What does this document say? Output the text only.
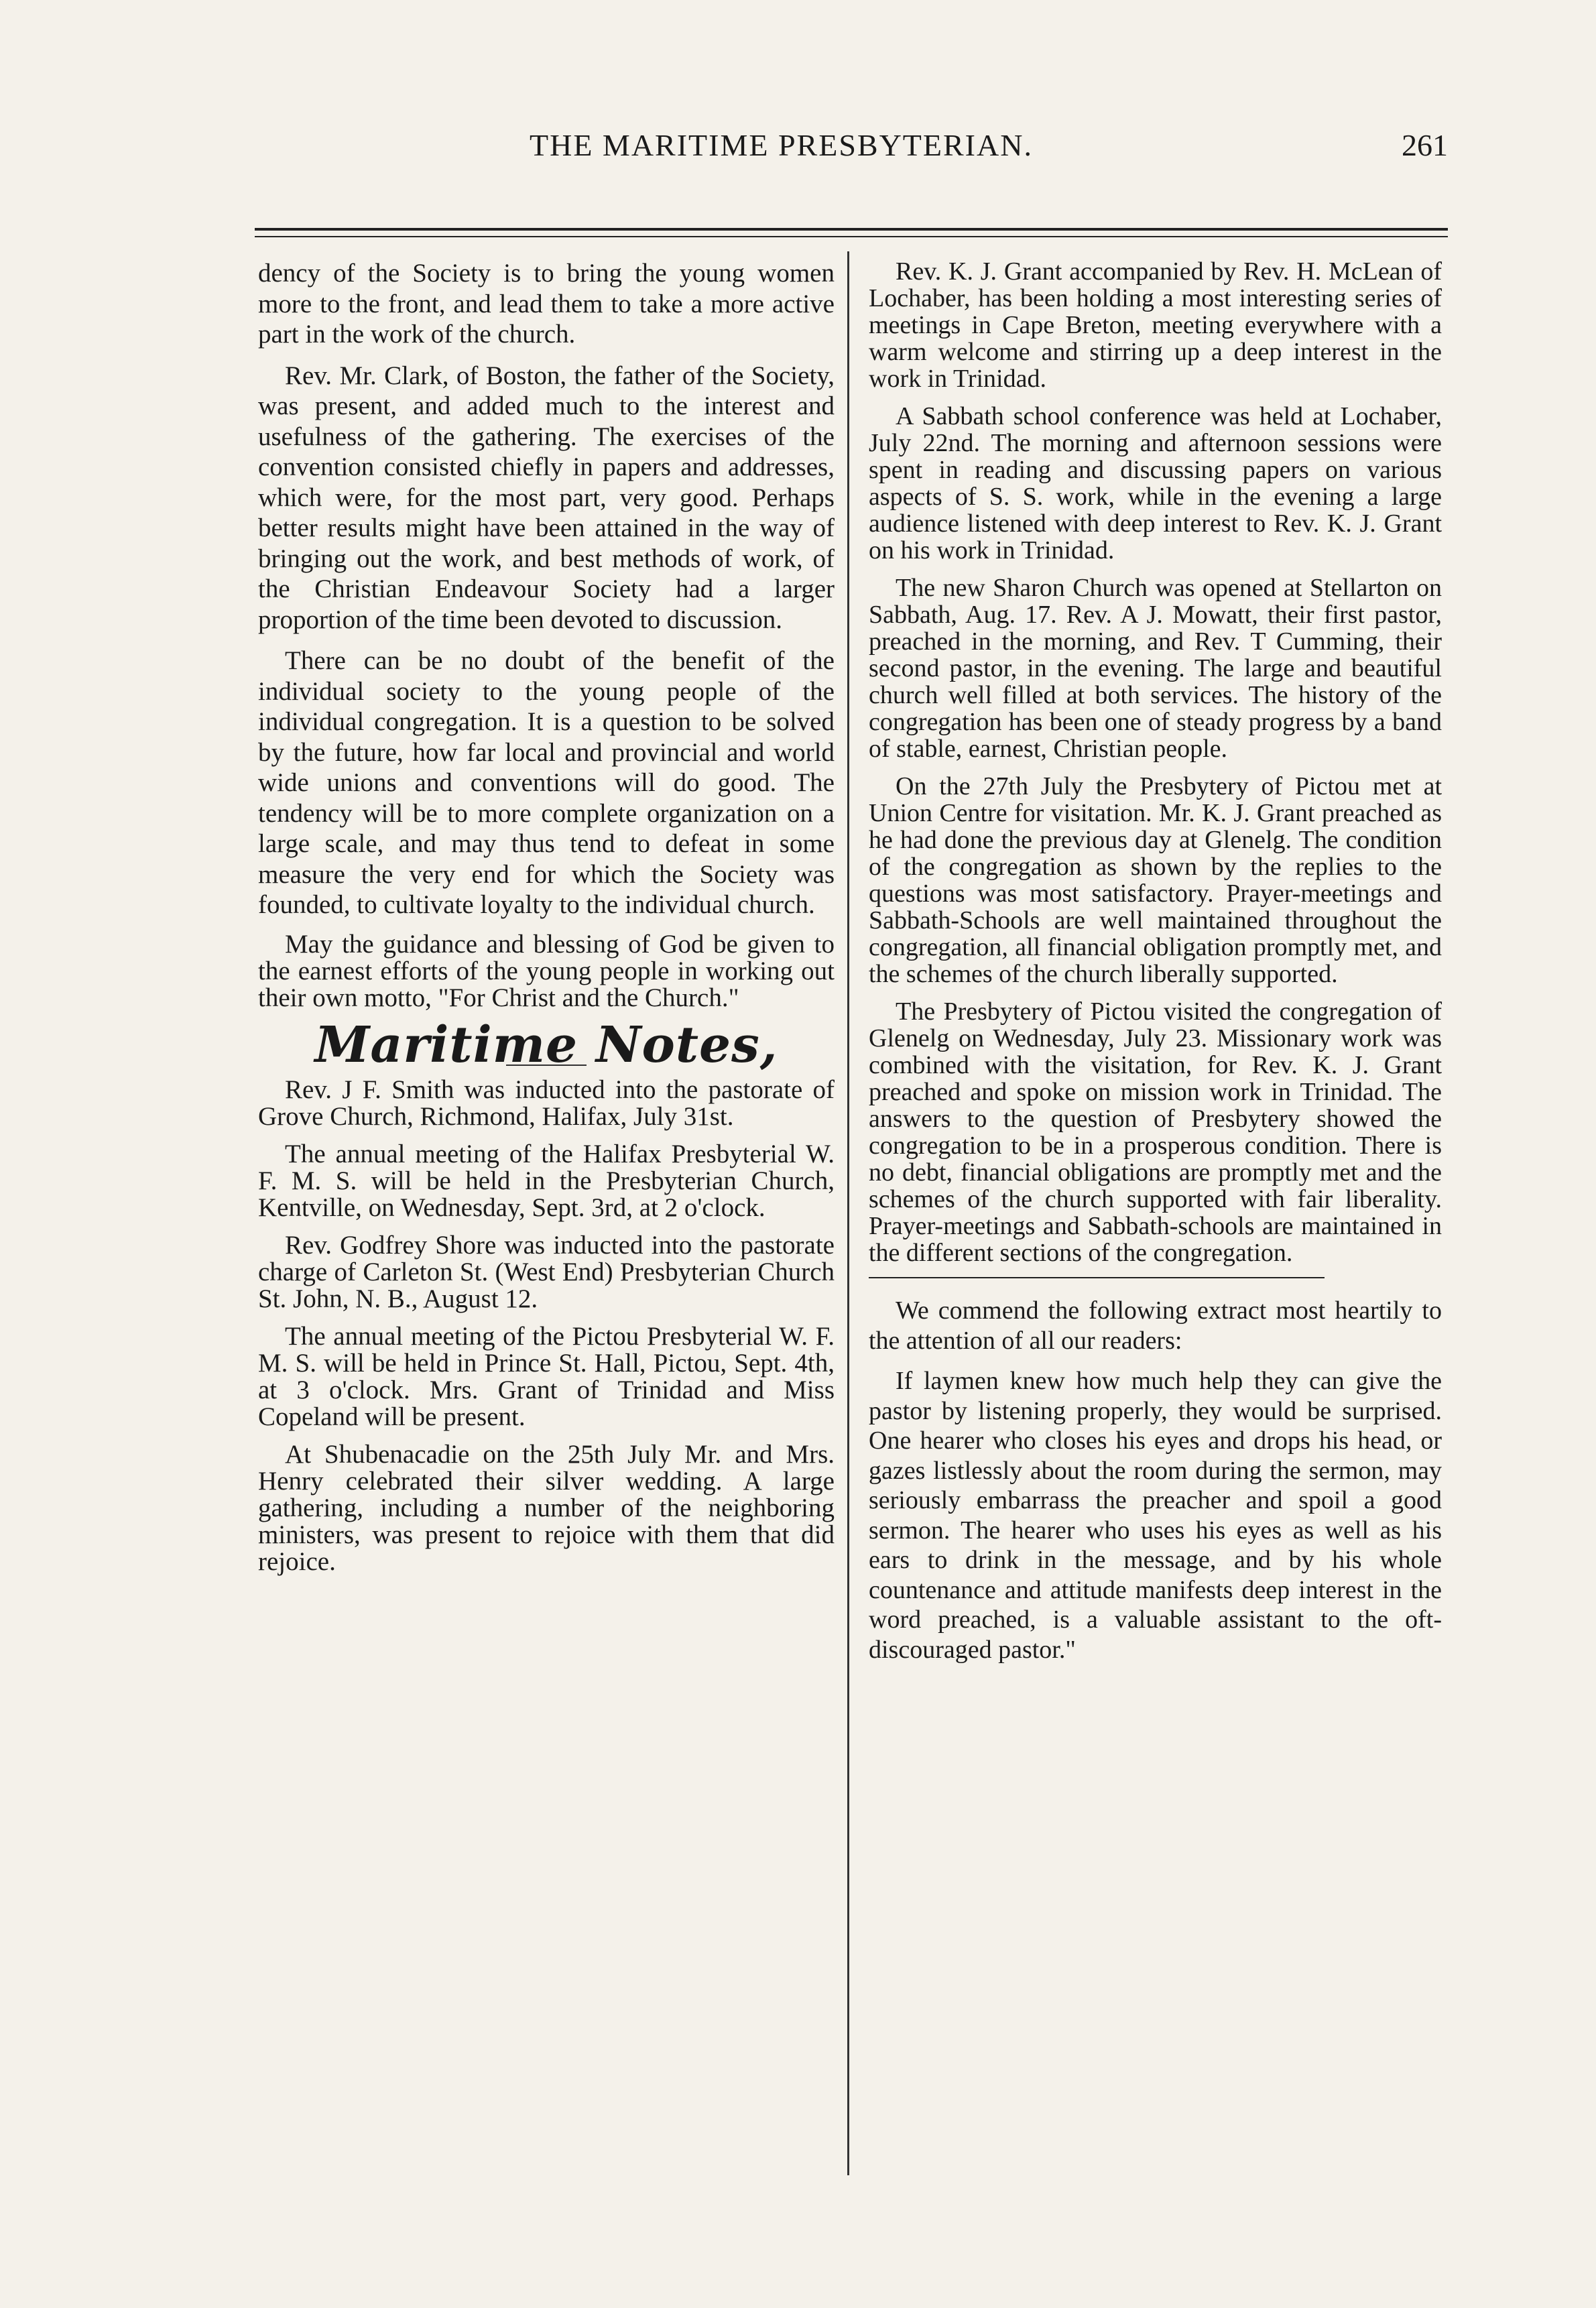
THE MARITIME PRESBYTERIAN.	261

dency of the Society is to bring the young women more to the front, and lead them to take a more active part in the work of the church.

Rev. Mr. Clark, of Boston, the father of the Society, was present, and added much to the interest and usefulness of the gathering. The exercises of the convention consisted chiefly in papers and addresses, which were, for the most part, very good. Perhaps better results might have been attained in the way of bringing out the work, and best methods of work, of the Christian Endeavour Society had a larger proportion of the time been devoted to discussion.

There can be no doubt of the benefit of the individual society to the young people of the individual congregation. It is a question to be solved by the future, how far local and provincial and world wide unions and conventions will do good. The tendency will be to more complete organization on a large scale, and may thus tend to defeat in some measure the very end for which the Society was founded, to cultivate loyalty to the individual church.

May the guidance and blessing of God be given to the earnest efforts of the young people in working out their own motto, "For Christ and the Church."

Maritime Notes,

Rev. J F. Smith was inducted into the pastorate of Grove Church, Richmond, Halifax, July 31st.

The annual meeting of the Halifax Presbyterial W. F. M. S. will be held in the Presbyterian Church, Kentville, on Wednesday, Sept. 3rd, at 2 o'clock.

Rev. Godfrey Shore was inducted into the pastorate charge of Carleton St. (West End) Presbyterian Church St. John, N. B., August 12.

The annual meeting of the Pictou Presbyterial W. F. M. S. will be held in Prince St. Hall, Pictou, Sept. 4th, at 3 o'clock. Mrs. Grant of Trinidad and Miss Copeland will be present.

At Shubenacadie on the 25th July Mr. and Mrs. Henry celebrated their silver wedding. A large gathering, including a number of the neighboring ministers, was present to rejoice with them that did rejoice.

Rev. K. J. Grant accompanied by Rev. H. McLean of Lochaber, has been holding a most interesting series of meetings in Cape Breton, meeting everywhere with a warm welcome and stirring up a deep interest in the work in Trinidad.

A Sabbath school conference was held at Lochaber, July 22nd. The morning and afternoon sessions were spent in reading and discussing papers on various aspects of S. S. work, while in the evening a large audience listened with deep interest to Rev. K. J. Grant on his work in Trinidad.

The new Sharon Church was opened at Stellarton on Sabbath, Aug. 17. Rev. A J. Mowatt, their first pastor, preached in the morning, and Rev. T Cumming, their second pastor, in the evening. The large and beautiful church well filled at both services. The history of the congregation has been one of steady progress by a band of stable, earnest, Christian people.

On the 27th July the Presbytery of Pictou met at Union Centre for visitation. Mr. K. J. Grant preached as he had done the previous day at Glenelg. The condition of the congregation as shown by the replies to the questions was most satisfactory. Prayer-meetings and Sabbath-Schools are well maintained throughout the congregation, all financial obligation promptly met, and the schemes of the church liberally supported.

The Presbytery of Pictou visited the congregation of Glenelg on Wednesday, July 23. Missionary work was combined with the visitation, for Rev. K. J. Grant preached and spoke on mission work in Trinidad. The answers to the question of Presbytery showed the congregation to be in a prosperous condition. There is no debt, financial obligations are promptly met and the schemes of the church supported with fair liberality. Prayer-meetings and Sabbath-schools are maintained in the different sections of the congregation.

We commend the following extract most heartily to the attention of all our readers:

If laymen knew how much help they can give the pastor by listening properly, they would be surprised. One hearer who closes his eyes and drops his head, or gazes listlessly about the room during the sermon, may seriously embarrass the preacher and spoil a good sermon. The hearer who uses his eyes as well as his ears to drink in the message, and by his whole countenance and attitude manifests deep interest in the word preached, is a valuable assistant to the oft-discouraged pastor."
